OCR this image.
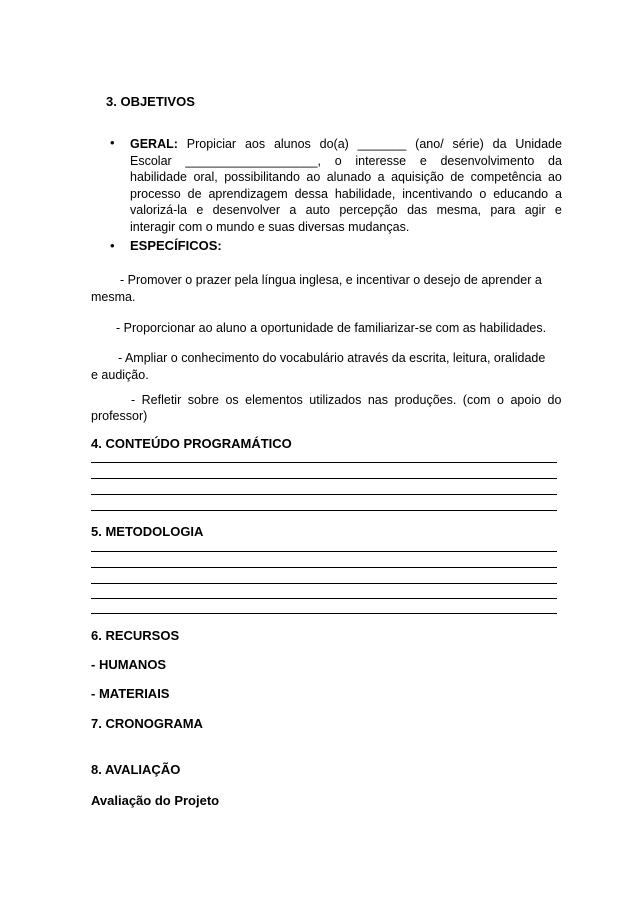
3. OBJETIVOS
• GERAL: Propiciar aos alunos do(a) _______ (ano/ série) da Unidade
Escolar ___________________, o interesse e desenvolvimento da
habilidade oral, possibilitando ao alunado a aquisição de competência ao
processo de aprendizagem dessa habilidade, incentivando o educando a
valorizá-la e desenvolver a auto percepção das mesma, para agir e
interagir com o mundo e suas diversas mudanças.
• ESPECÍFICOS:
- Promover o prazer pela língua inglesa, e incentivar o desejo de aprender a
mesma.
- Proporcionar ao aluno a oportunidade de familiarizar-se com as habilidades.
- Ampliar o conhecimento do vocabulário através da escrita, leitura, oralidade
e audição.
- Refletir sobre os elementos utilizados nas produções. (com o apoio do
professor)
4. CONTEÚDO PROGRAMÁTICO
5. METODOLOGIA
6. RECURSOS
- HUMANOS
- MATERIAIS
7. CRONOGRAMA
8. AVALIAÇÃO
Avaliação do Projeto
